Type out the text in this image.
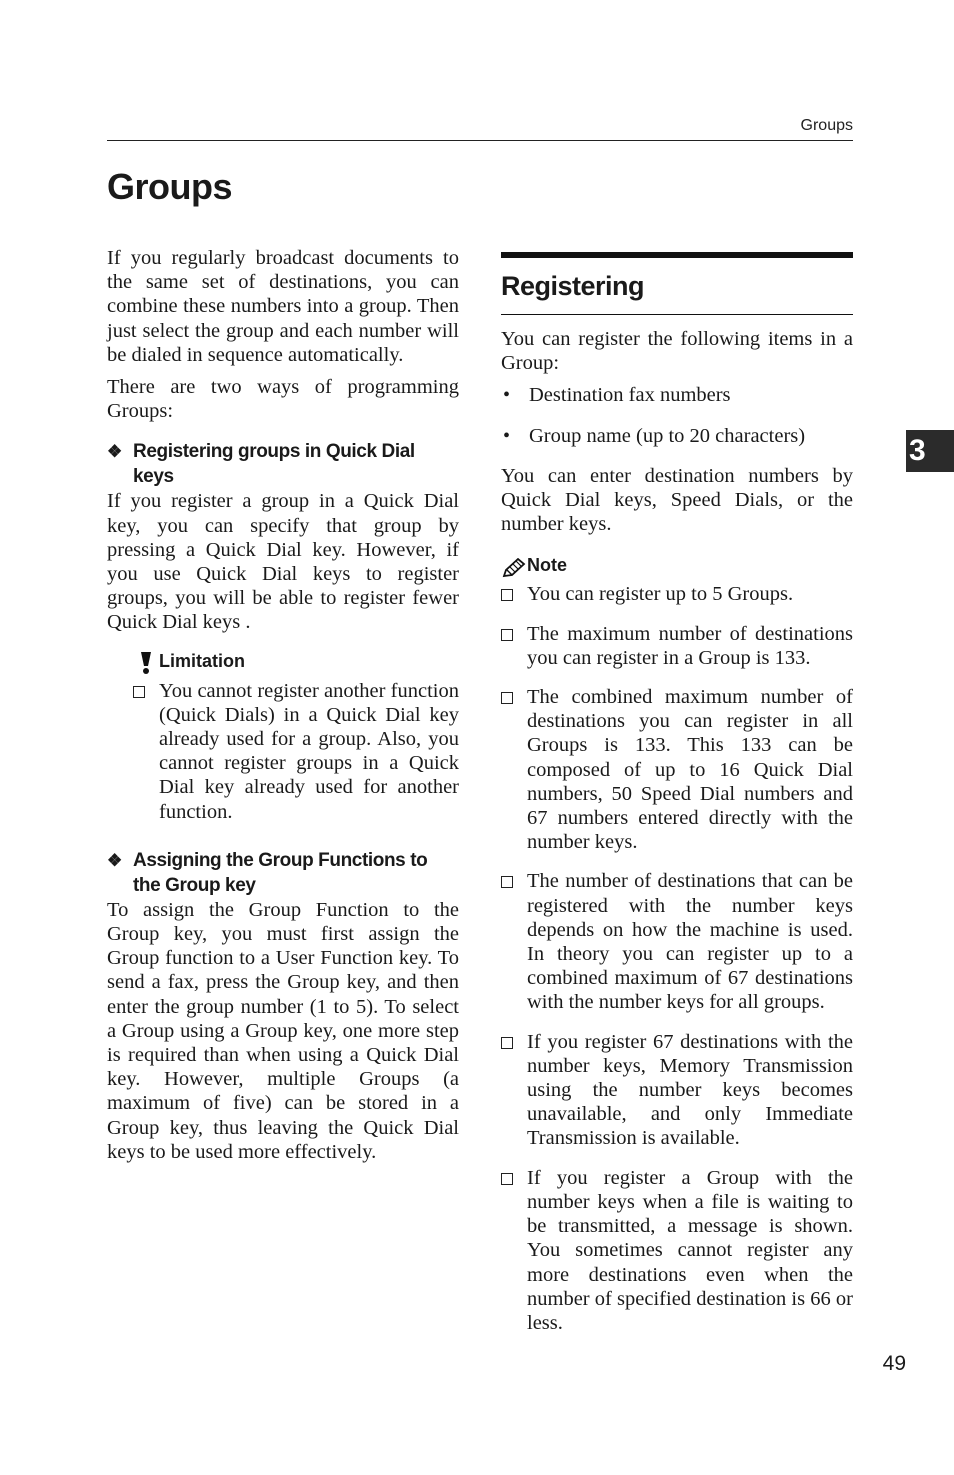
Groups
Groups

If you regularly broadcast documents to the same set of destinations, you can combine these numbers into a group. Then just select the group and each number will be dialed in sequence automatically.

There are two ways of programming Groups:

❖ Registering groups in Quick Dial keys

If you register a group in a Quick Dial key, you can specify that group by pressing a Quick Dial key. However, if you use Quick Dial keys to register groups, you will be able to register fewer Quick Dial keys .

Limitation
You cannot register another function (Quick Dials) in a Quick Dial key already used for a group. Also, you cannot register groups in a Quick Dial key already used for another function.
❖ Assigning the Group Functions to the Group key

To assign the Group Function to the Group key, you must first assign the Group function to a User Function key. To send a fax, press the Group key, and then enter the group number (1 to 5). To select a Group using a Group key, one more step is required than when using a Quick Dial key. However, multiple Groups (a maximum of five) can be stored in a Group key, thus leaving the Quick Dial keys to be used more effectively.

Registering

You can register the following items in a Group:

• Destination fax numbers
• Group name (up to 20 characters)

You can enter destination numbers by Quick Dial keys, Speed Dials, or the number keys.

Note
You can register up to 5 Groups.
The maximum number of destinations you can register in a Group is 133.
The combined maximum number of destinations you can register in all Groups is 133. This 133 can be composed of up to 16 Quick Dial numbers, 50 Speed Dial numbers and 67 numbers entered directly with the number keys.
The number of destinations that can be registered with the number keys depends on how the machine is used. In theory you can register up to a combined maximum of 67 destinations with the number keys for all groups.
If you register 67 destinations with the number keys, Memory Transmission using the number keys becomes unavailable, and only Immediate Transmission is available.
If you register a Group with the number keys when a file is waiting to be transmitted, a message is shown. You sometimes cannot register any more destinations even when the number of specified destination is 66 or less.
3
49
